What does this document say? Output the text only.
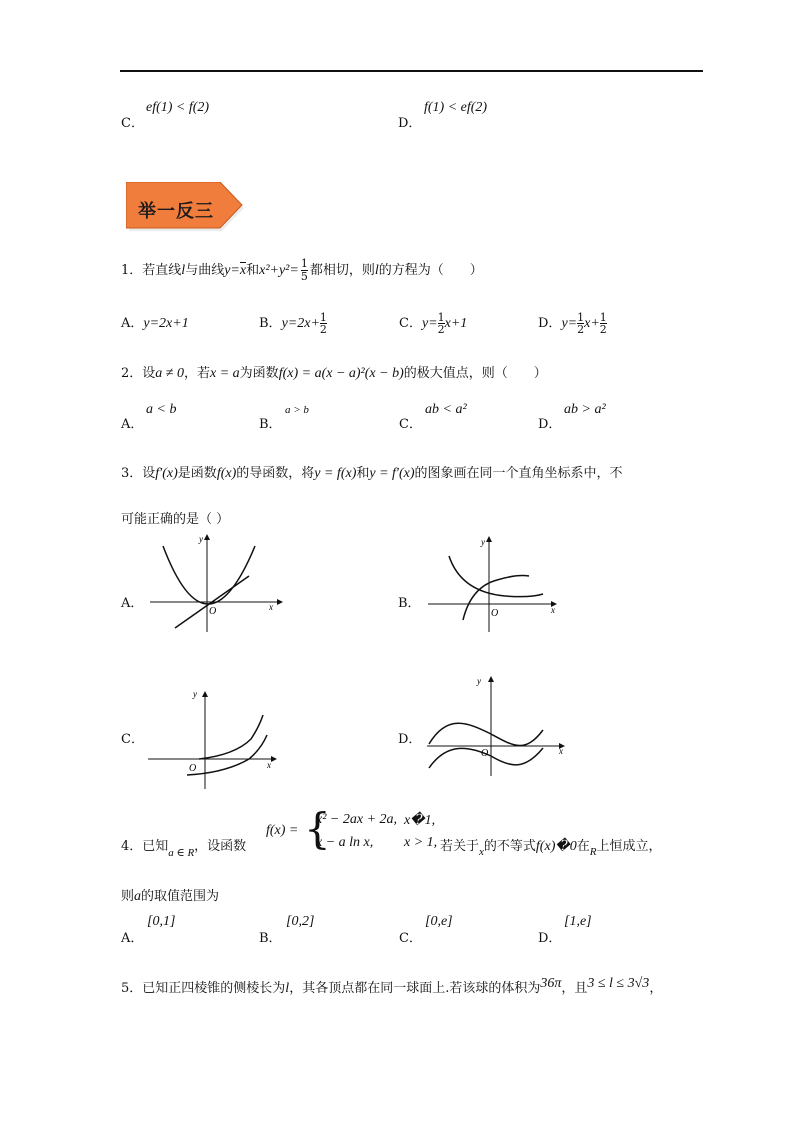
C．
ef(1) < f(2)
D．
f(1) < ef(2)
举一反三
1．若直线l与曲线y=x和$x^2+y^2= \frac{1}{5}$ 都相切，则l的方程为（　　）
A．y=2x+1	B．$y=2x+ \frac{1}{2}$	C．$y= \frac{1}{2} x+1$	D．$y= \frac{1}{2} x+ \frac{1}{2}$
2．设a ≠ 0，若x = a为函数f(x) = a(x − a)²(x − b)的极大值点，则（　　）
A．
a < b
B．
a > b
C．
ab < a²
D．
ab > a²
3．设f′(x)是函数f(x)的导函数，将y = f(x)和y = f′(x)的图象画在同一个直角坐标系中，不
可能正确的是（ ）
A．
y
x
O
B．
y
x
O
C．
y
x
O
D．
y
x
O
4．已知$_{a \in R}$，设函数
f(x) = {
x² − 2ax + 2a, x�1,
x − a ln x, x > 1, 若关于$_x$的不等式f(x)�0在$_R$上恒成立，
则a的取值范围为
A．
[0,1]
B．
[0,2]
C．
[0,e]
D．
[1,e]
5．已知正四棱锥的侧棱长为l，其各顶点都在同一球面上.若该球的体积为36π，且3 ≤ l ≤ 3√3，
